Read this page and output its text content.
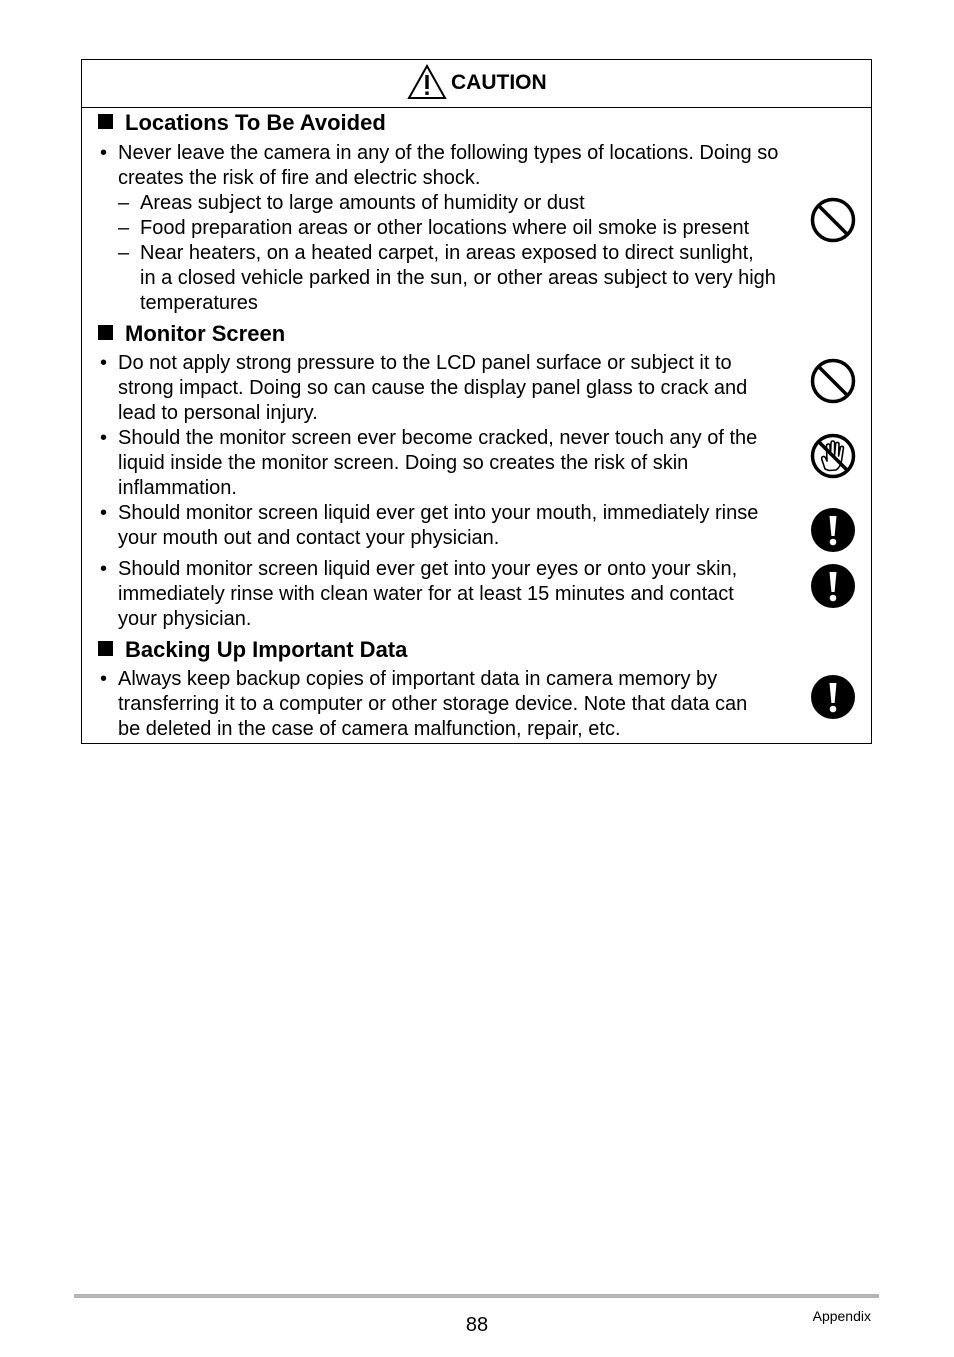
CAUTION
Locations To Be Avoided
• Never leave the camera in any of the following types of locations. Doing so
creates the risk of fire and electric shock.
– Areas subject to large amounts of humidity or dust
– Food preparation areas or other locations where oil smoke is present
– Near heaters, on a heated carpet, in areas exposed to direct sunlight,
in a closed vehicle parked in the sun, or other areas subject to very high
temperatures
Monitor Screen
• Do not apply strong pressure to the LCD panel surface or subject it to
strong impact. Doing so can cause the display panel glass to crack and
lead to personal injury.
• Should the monitor screen ever become cracked, never touch any of the
liquid inside the monitor screen. Doing so creates the risk of skin
inflammation.
• Should monitor screen liquid ever get into your mouth, immediately rinse
your mouth out and contact your physician.
• Should monitor screen liquid ever get into your eyes or onto your skin,
immediately rinse with clean water for at least 15 minutes and contact
your physician.
Backing Up Important Data
• Always keep backup copies of important data in camera memory by
transferring it to a computer or other storage device. Note that data can
be deleted in the case of camera malfunction, repair, etc.
88	Appendix
